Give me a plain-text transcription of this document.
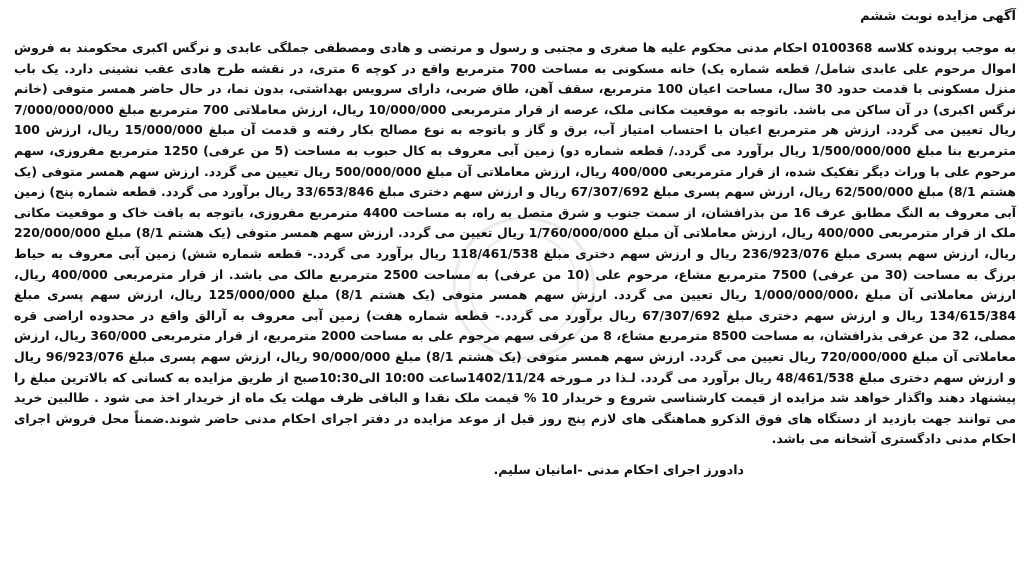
آگهی مزایده نوبت ششم

به موجب پرونده کلاسه 0100368 احکام مدنی محکوم علیه ها صغری و مجتبی و رسول و مرتضی و هادی ومصطفی جملگی عابدی و نرگس اکبری محکومند به فروش اموال مرحوم علی عابدی شامل/ قطعه شماره یک) خانه مسکونی به مساحت 700 مترمربع واقع در کوچه 6 متری، در نقشه طرح هادی عقب نشینی دارد. یک باب منزل مسکونی با قدمت حدود 30 سال، مساحت اعیان 100 مترمربع، سقف آهن، طاق ضربی، دارای سرویس بهداشتی، بدون نما، در حال حاضر همسر متوفی (خانم نرگس اکبری) در آن ساکن می باشد. باتوجه به موقعیت مکانی ملک، عرصه از قرار مترمربعی 10/000/000 ریال، ارزش معاملاتی 700 مترمربع مبلغ 7/000/000/000 ریال تعیین می گردد. ارزش هر مترمربع اعیان با احتساب امتیاز آب، برق و گاز و باتوجه به نوع مصالح بکار رفته و قدمت آن مبلغ 15/000/000 ریال، ارزش 100 مترمربع بنا مبلغ 1/500/000/000 ریال برآورد می گردد./ قطعه شماره دو) زمین آبی معروف به کال حبوب به مساحت (5 من عرفی) 1250 مترمربع مفروزی، سهم مرحوم علی با وراث دیگر تفکیک شده، از قرار مترمربعی 400/000 ریال، ارزش معاملاتی آن مبلغ 500/000/000 ریال تعیین می گردد. ارزش سهم همسر متوفی (یک هشتم 8/1) مبلغ 62/500/000 ریال، ارزش سهم پسری مبلغ 67/307/692 ریال و ارزش سهم دختری مبلغ 33/653/846 ریال برآورد می گردد. قطعه شماره پنج) زمین آبی معروف به النگ مطابق عرف 16 من بذرافشان، از سمت جنوب و شرق متصل به راه، به مساحت 4400 مترمربع مفروزی، باتوجه به بافت خاک و موقعیت مکانی ملک از قرار مترمربعی 400/000 ریال، ارزش معاملاتی آن مبلغ 1/760/000/000 ریال تعیین می گردد. ارزش سهم همسر متوفی (یک هشتم 8/1) مبلغ 220/000/000 ریال، ارزش سهم پسری مبلغ 236/923/076 ریال و ارزش سهم دختری مبلغ 118/461/538 ریال برآورد می گردد.- قطعه شماره شش) زمین آبی معروف به حیاط برزگ به مساحت (30 من عرفی) 7500 مترمربع مشاع، مرحوم علی (10 من عرفی) به مساحت 2500 مترمربع مالک می باشد. از قرار مترمربعی 400/000 ریال، ارزش معاملاتی آن مبلغ ،1/000/000/000 ریال تعیین می گردد. ارزش سهم همسر متوفی (یک هشتم 8/1) مبلغ 125/000/000 ریال، ارزش سهم پسری مبلغ 134/615/384 ریال و ارزش سهم دختری مبلغ 67/307/692 ریال برآورد می گردد.- قطعه شماره هفت) زمین آبی معروف به آرالق واقع در محدوده اراضی قره مصلی، 32 من عرفی بذرافشان، به مساحت 8500 مترمربع مشاع، 8 من عرفی سهم مرحوم علی به مساحت 2000 مترمربع، از قرار مترمربعی 360/000 ریال، ارزش معاملاتی آن مبلغ 720/000/000 ریال تعیین می گردد. ارزش سهم همسر متوفی (یک هشتم 8/1) مبلغ 90/000/000 ریال، ارزش سهم پسری مبلغ 96/923/076 ریال و ارزش سهم دختری مبلغ 48/461/538 ریال برآورد می گردد. لـذا در مـورخه 1402/11/24ساعت 10:00 الی10:30صبح از طریق مزایده به کسانی که بالاترین مبلغ را پیشنهاد دهند واگذار خواهد شد مزایده از قیمت کارشناسی شروع و خریدار 10 % قیمت ملک نقدا و الباقی ظرف مهلت یک ماه از خریدار اخذ می شود . طالبین خرید می توانند جهت بازدید از دستگاه های فوق الذکرو هماهنگی های لازم پنج روز قبل از موعد مزایده در دفتر اجرای احکام مدنی حاضر شوند.ضمناً محل فروش اجرای احکام مدنی دادگستری آشخانه می باشد.

دادورز اجرای احکام مدنی -امانیان سلیم.
